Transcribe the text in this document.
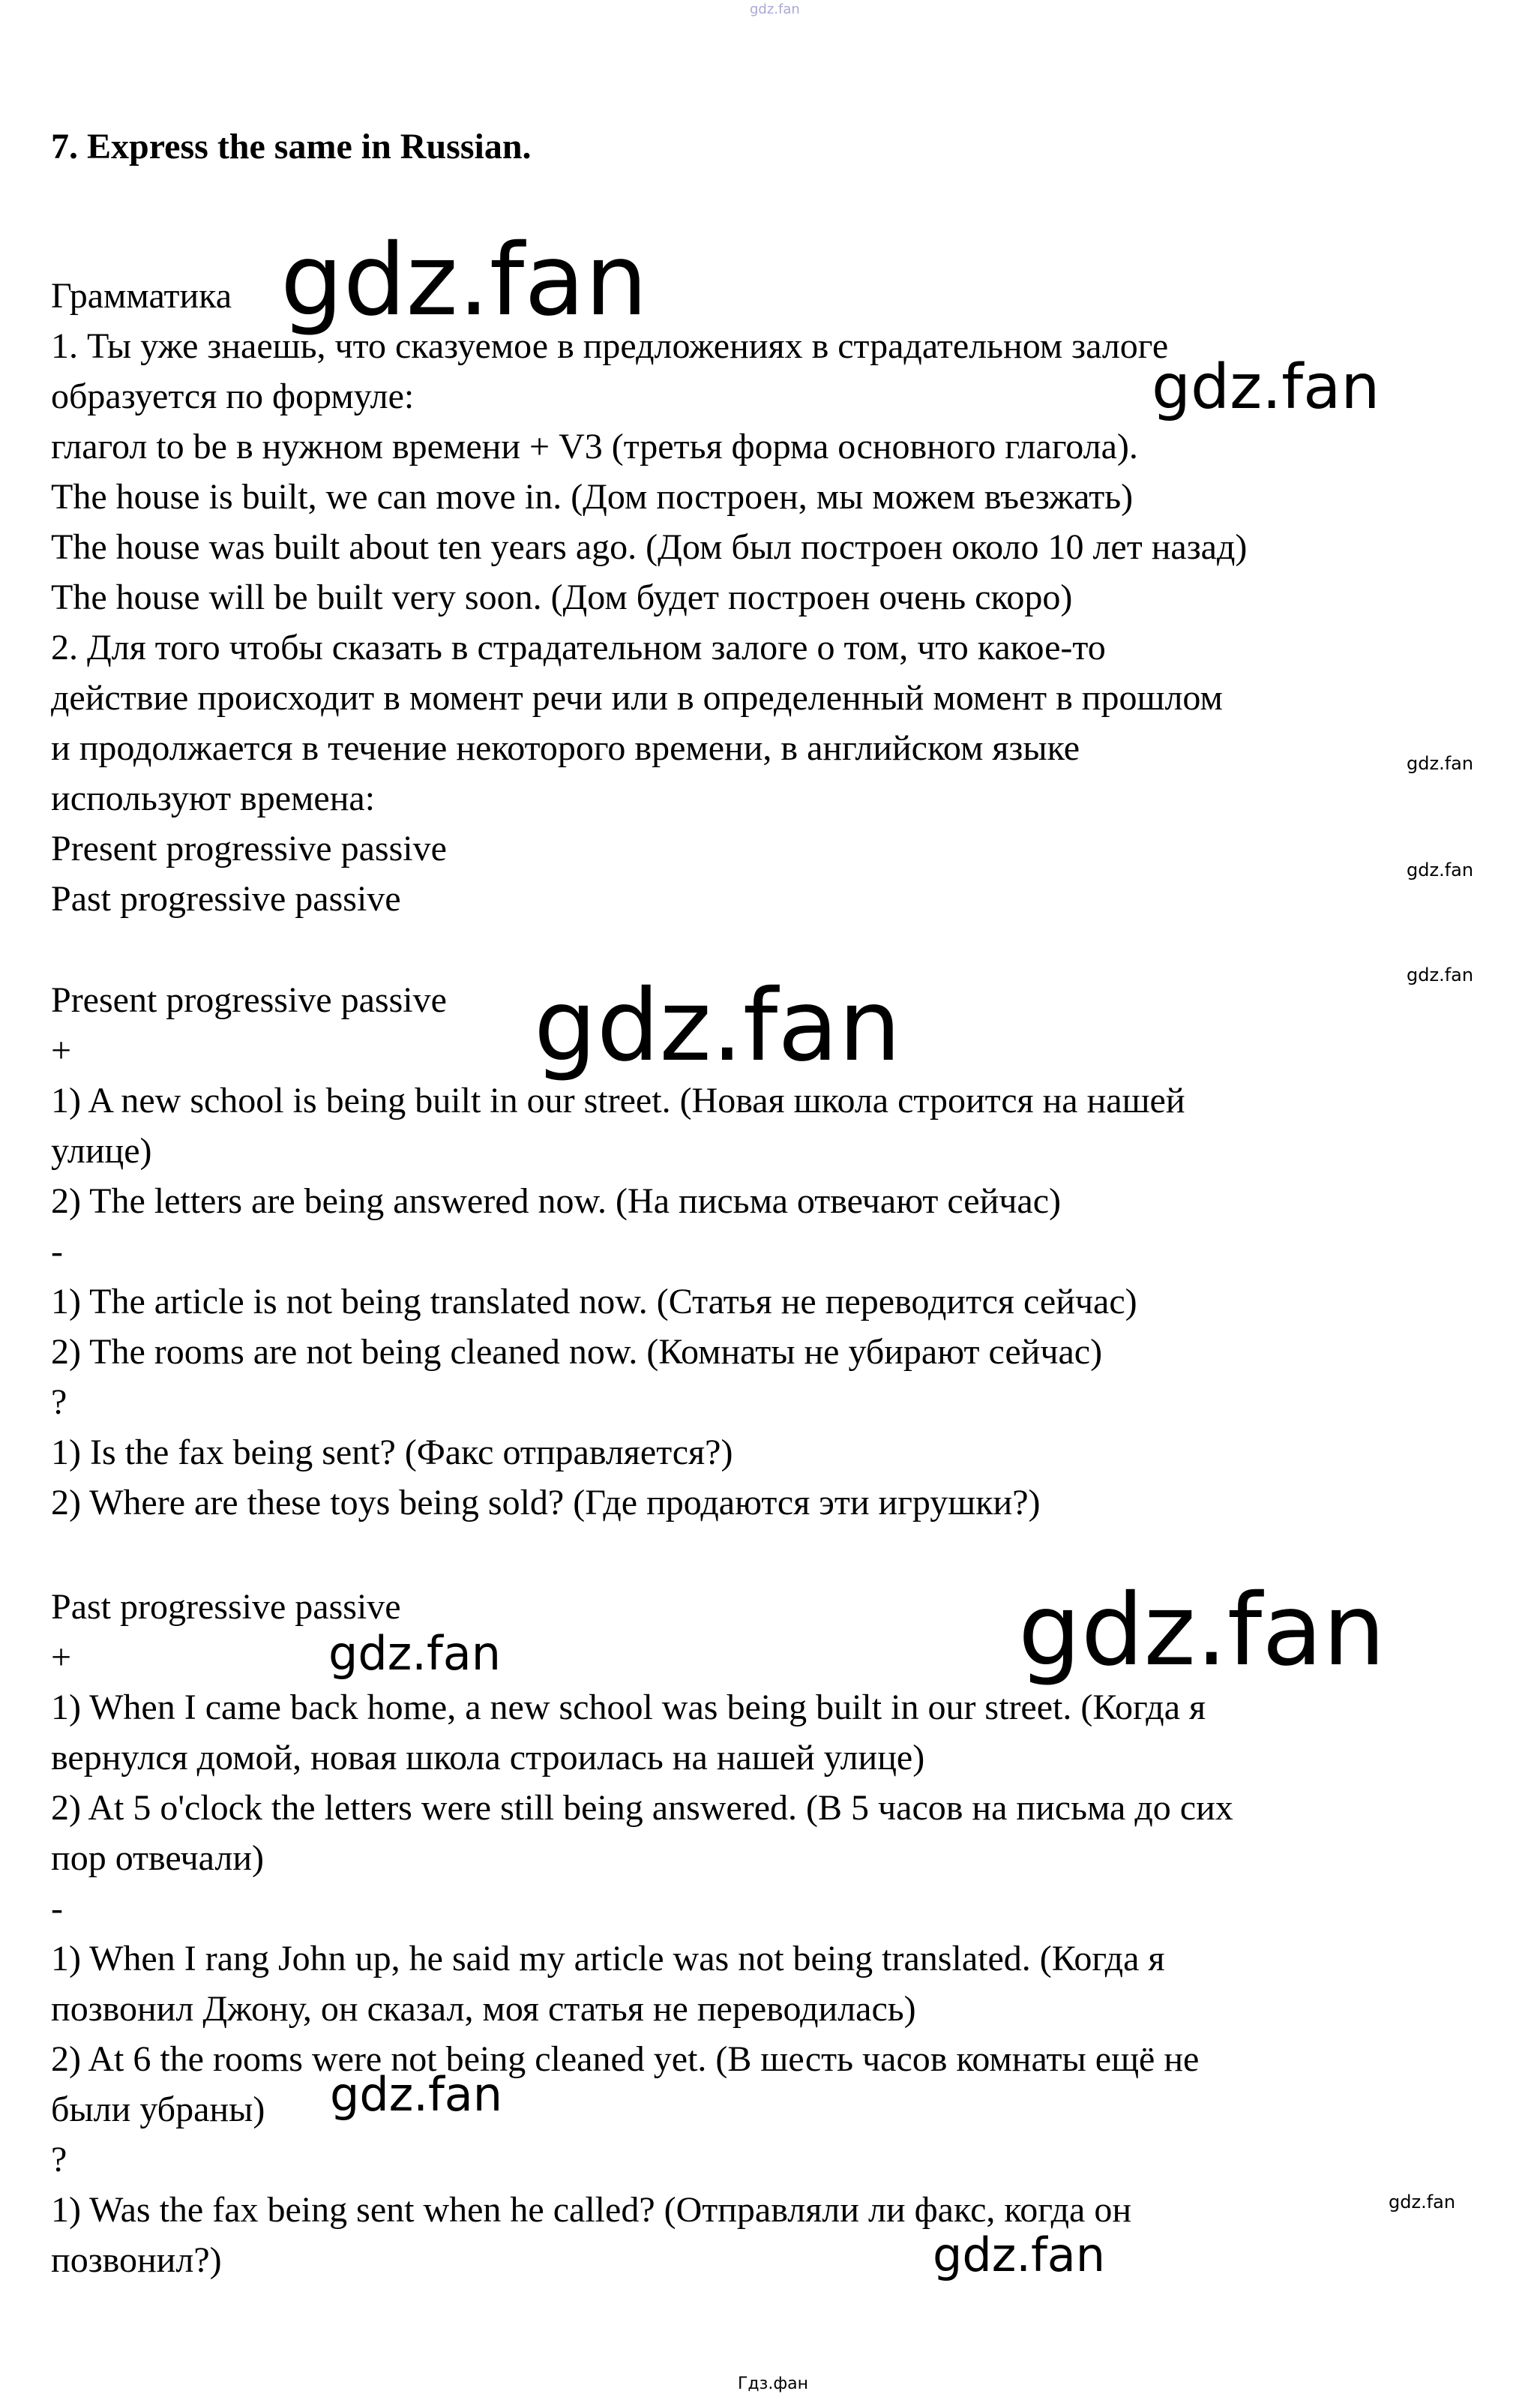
gdz.fan
7. Express the same in Russian.
Грамматика
1. Ты уже знаешь, что сказуемое в предложениях в страдательном залоге
образуется по формуле:
глагол to be в нужном времени + V3 (третья форма основного глагола).
The house is built, we can move in. (Дом построен, мы можем въезжать)
The house was built about ten years ago. (Дом был построен около 10 лет назад)
The house will be built very soon. (Дом будет построен очень скоро)
2. Для того чтобы сказать в страдательном залоге о том, что какое-то
действие происходит в момент речи или в определенный момент в прошлом
и продолжается в течение некоторого времени, в английском языке
используют времена:
Present progressive passive
Past progressive passive
Present progressive passive
+
1) A new school is being built in our street. (Новая школа строится на нашей
улице)
2) The letters are being answered now. (На письма отвечают сейчас)
-
1) The article is not being translated now. (Статья не переводится сейчас)
2) The rooms are not being cleaned now. (Комнаты не убирают сейчас)
?
1) Is the fax being sent? (Факс отправляется?)
2) Where are these toys being sold? (Где продаются эти игрушки?)
Past progressive passive
+
1) When I came back home, a new school was being built in our street. (Когда я
вернулся домой, новая школа строилась на нашей улице)
2) At 5 o'clock the letters were still being answered. (В 5 часов на письма до сих
пор отвечали)
-
1) When I rang John up, he said my article was not being translated. (Когда я
позвонил Джону, он сказал, моя статья не переводилась)
2) At 6 the rooms were not being cleaned yet. (В шесть часов комнаты ещё не
были убраны)
?
1) Was the fax being sent when he called? (Отправляли ли факс, когда он
позвонил?)
gdz.fan
gdz.fan
gdz.fan
gdz.fan
gdz.fan
gdz.fan
gdz.fan
gdz.fan
gdz.fan
gdz.fan
gdz.fan
Гдз.фан
